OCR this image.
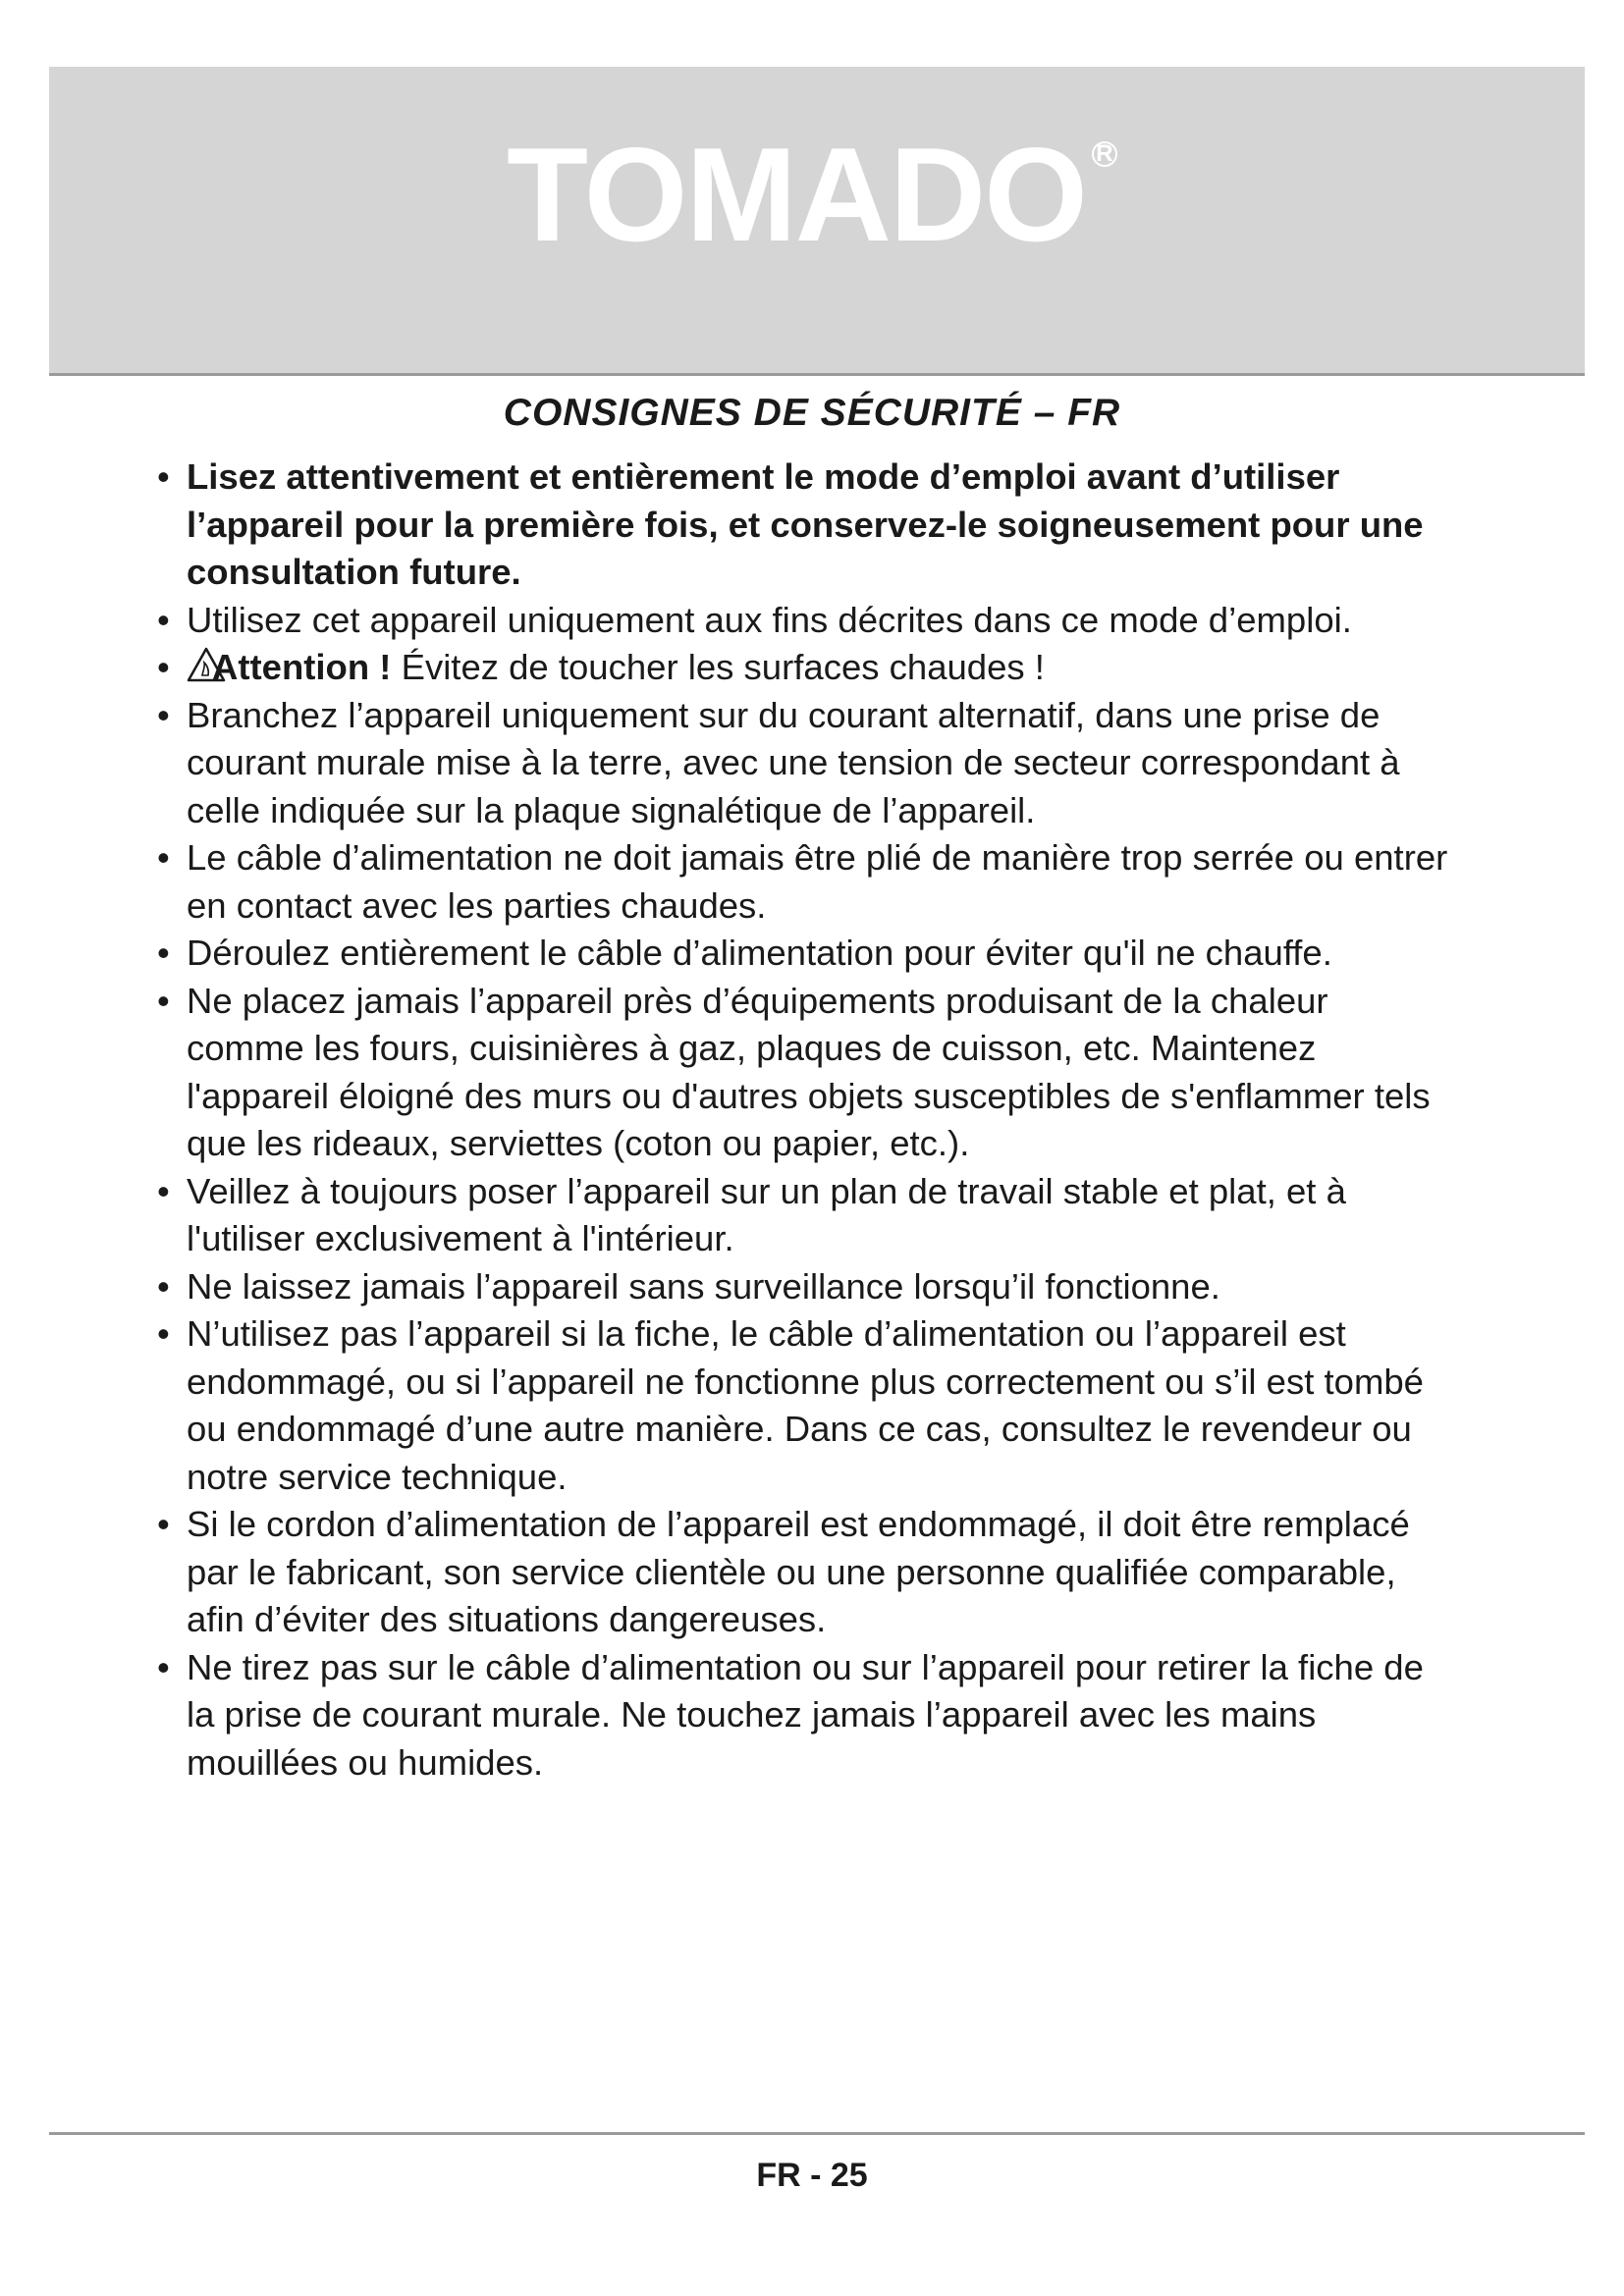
TOMADO R
CONSIGNES DE SÉCURITÉ – FR
• Lisez attentivement et entièrement le mode d’emploi avant d’utiliser l’appareil pour la première fois, et conservez-le soigneusement pour une consultation future.
• Utilisez cet appareil uniquement aux fins décrites dans ce mode d’emploi.
• Attention ! Évitez de toucher les surfaces chaudes !
• Branchez l’appareil uniquement sur du courant alternatif, dans une prise de courant murale mise à la terre, avec une tension de secteur correspondant à celle indiquée sur la plaque signalétique de l’appareil.
• Le câble d’alimentation ne doit jamais être plié de manière trop serrée ou entrer en contact avec les parties chaudes.
• Déroulez entièrement le câble d’alimentation pour éviter qu'il ne chauffe.
• Ne placez jamais l’appareil près d’équipements produisant de la chaleur comme les fours, cuisinières à gaz, plaques de cuisson, etc. Maintenez l'appareil éloigné des murs ou d'autres objets susceptibles de s'enflammer tels que les rideaux, serviettes (coton ou papier, etc.).
• Veillez à toujours poser l’appareil sur un plan de travail stable et plat, et à l'utiliser exclusivement à l'intérieur.
• Ne laissez jamais l’appareil sans surveillance lorsqu’il fonctionne.
• N’utilisez pas l’appareil si la fiche, le câble d’alimentation ou l’appareil est endommagé, ou si l’appareil ne fonctionne plus correctement ou s’il est tombé ou endommagé d’une autre manière. Dans ce cas, consultez le revendeur ou notre service technique.
• Si le cordon d’alimentation de l’appareil est endommagé, il doit être remplacé par le fabricant, son service clientèle ou une personne qualifiée comparable, afin d’éviter des situations dangereuses.
• Ne tirez pas sur le câble d’alimentation ou sur l’appareil pour retirer la fiche de la prise de courant murale. Ne touchez jamais l’appareil avec les mains mouillées ou humides.
FR - 25
